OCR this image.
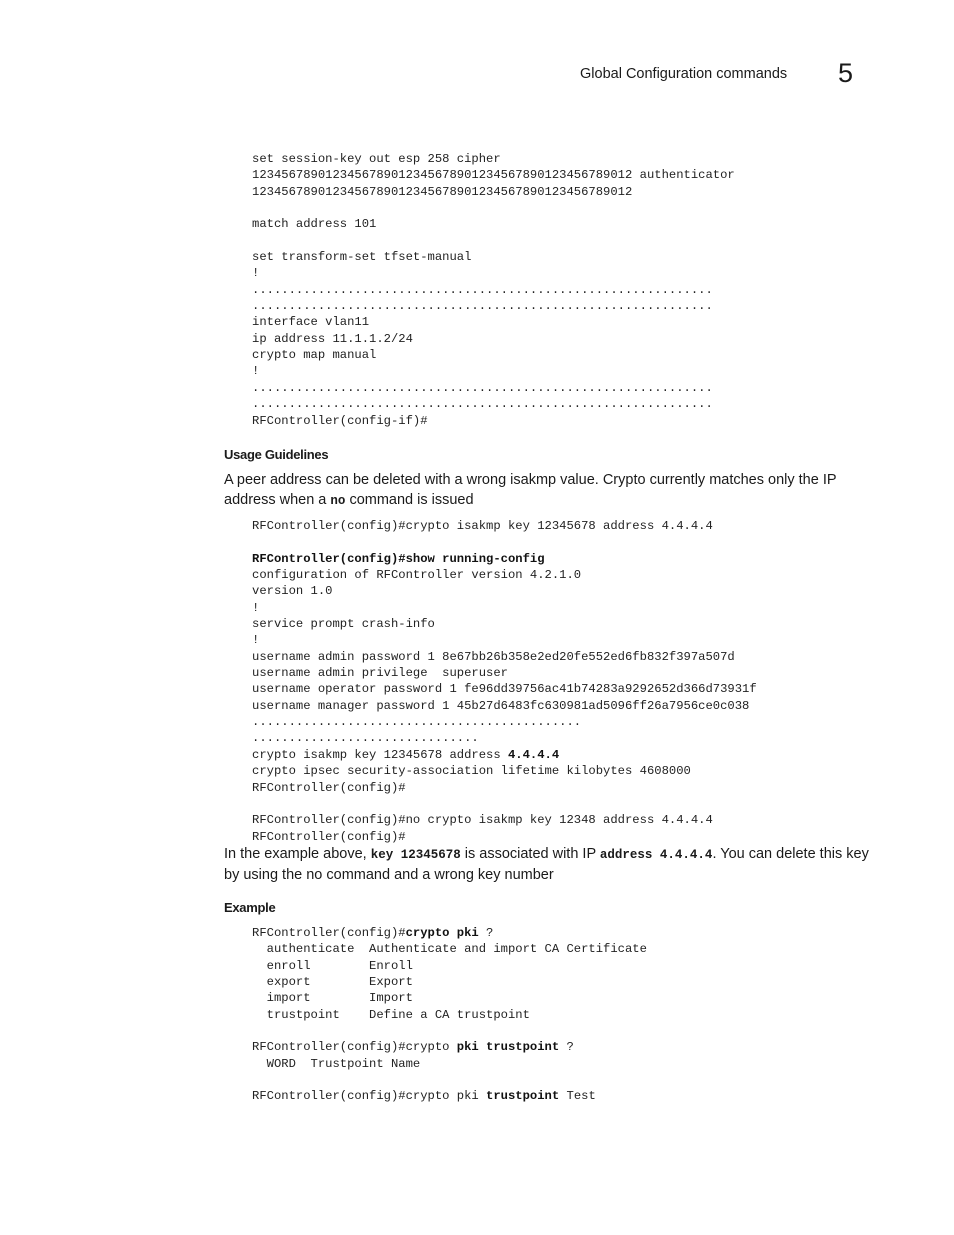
Global Configuration commands 5
set session-key out esp 258 cipher
1234567890123456789012345678901234567890123456789012 authenticator
1234567890123456789012345678901234567890123456789012
match address 101
set transform-set tfset-manual
!
...............................................................
...............................................................
interface vlan11
ip address 11.1.1.2/24
crypto map manual
!
...............................................................
...............................................................
RFController(config-if)#
Usage Guidelines

A peer address can be deleted with a wrong isakmp value. Crypto currently matches only the IP address when a no command is issued

RFController(config)#crypto isakmp key 12345678 address 4.4.4.4
RFController(config)#show running-config
configuration of RFController version 4.2.1.0
version 1.0
!
service prompt crash-info
!
username admin password 1 8e67bb26b358e2ed20fe552ed6fb832f397a507d
username admin privilege  superuser
username operator password 1 fe96dd39756ac41b74283a9292652d366d73931f
username manager password 1 45b27d6483fc630981ad5096ff26a7956ce0c038
.............................................
...............................
crypto isakmp key 12345678 address 4.4.4.4
crypto ipsec security-association lifetime kilobytes 4608000
RFController(config)#
RFController(config)#no crypto isakmp key 12348 address 4.4.4.4
RFController(config)#

In the example above, key 12345678 is associated with IP address 4.4.4.4. You can delete this key by using the no command and a wrong key number

Example
RFController(config)#crypto pki ?
authenticate  Authenticate and import CA Certificate
enroll        Enroll
export        Export
import        Import
trustpoint    Define a CA trustpoint
RFController(config)#crypto pki trustpoint ?
WORD  Trustpoint Name
RFController(config)#crypto pki trustpoint Test
